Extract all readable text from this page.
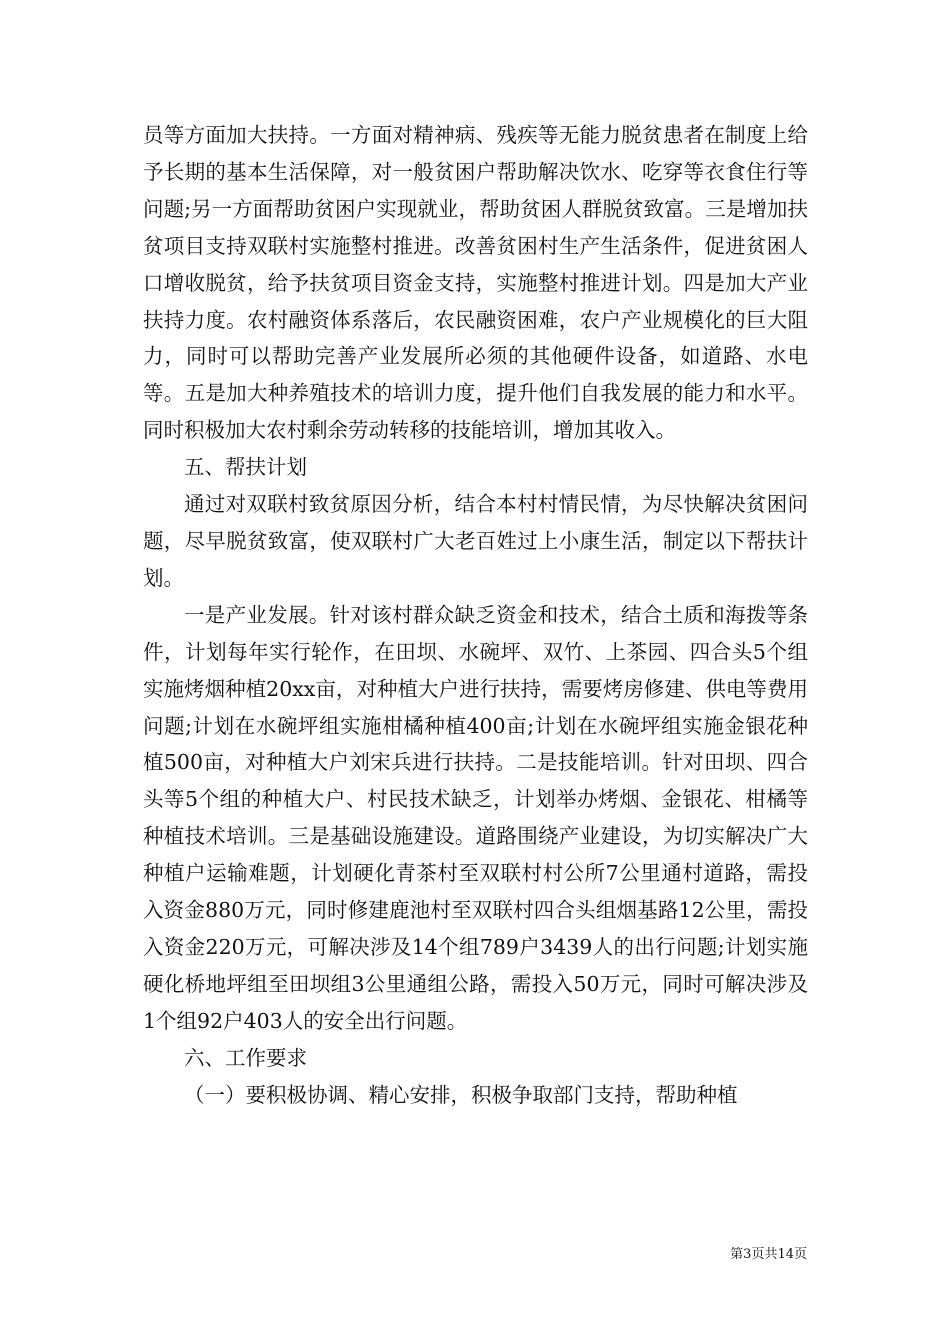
员等方面加大扶持。一方面对精神病、残疾等无能力脱贫患者在制度上给予长期的基本生活保障，对一般贫困户帮助解决饮水、吃穿等衣食住行等问题;另一方面帮助贫困户实现就业，帮助贫困人群脱贫致富。三是增加扶贫项目支持双联村实施整村推进。改善贫困村生产生活条件，促进贫困人口增收脱贫，给予扶贫项目资金支持，实施整村推进计划。四是加大产业扶持力度。农村融资体系落后，农民融资困难，农户产业规模化的巨大阻力，同时可以帮助完善产业发展所必须的其他硬件设备，如道路、水电等。五是加大种养殖技术的培训力度，提升他们自我发展的能力和水平。同时积极加大农村剩余劳动转移的技能培训，增加其收入。

五、帮扶计划

通过对双联村致贫原因分析，结合本村村情民情，为尽快解决贫困问题，尽早脱贫致富，使双联村广大老百姓过上小康生活，制定以下帮扶计划。

一是产业发展。针对该村群众缺乏资金和技术，结合土质和海拨等条件，计划每年实行轮作，在田坝、水碗坪、双竹、上茶园、四合头5个组实施烤烟种植20xx亩，对种植大户进行扶持，需要烤房修建、供电等费用问题;计划在水碗坪组实施柑橘种植400亩;计划在水碗坪组实施金银花种植500亩，对种植大户刘宋兵进行扶持。二是技能培训。针对田坝、四合头等5个组的种植大户、村民技术缺乏，计划举办烤烟、金银花、柑橘等种植技术培训。三是基础设施建设。道路围绕产业建设，为切实解决广大种植户运输难题，计划硬化青茶村至双联村村公所7公里通村道路，需投入资金880万元，同时修建鹿池村至双联村四合头组烟基路12公里，需投入资金220万元，可解决涉及14个组789户3439人的出行问题;计划实施硬化桥地坪组至田坝组3公里通组公路，需投入50万元，同时可解决涉及1个组92户403人的安全出行问题。

六、工作要求

（一）要积极协调、精心安排，积极争取部门支持，帮助种植

第3页共14页
